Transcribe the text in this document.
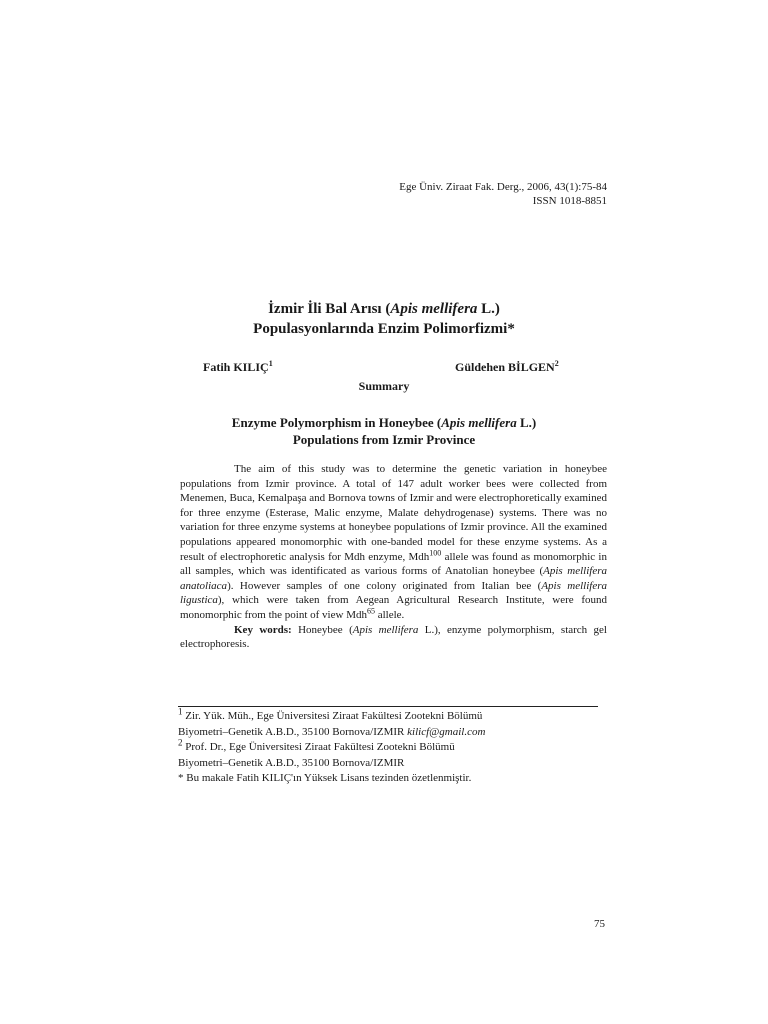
Ege Üniv. Ziraat Fak. Derg., 2006, 43(1):75-84
ISSN 1018-8851
İzmir İli Bal Arısı (Apis mellifera L.)
Populasyonlarında Enzim Polimorfizmi*
Fatih KILIÇ$^1$	Güldehen BİLGEN$^2$
Summary
Enzyme Polymorphism in Honeybee (Apis mellifera L.)
Populations from Izmir Province

The aim of this study was to determine the genetic variation in honeybee populations from Izmir province. A total of 147 adult worker bees were collected from Menemen, Buca, Kemalpaşa and Bornova towns of Izmir and were electrophoretically examined for three enzyme (Esterase, Malic enzyme, Malate dehydrogenase) systems. There was no variation for three enzyme systems at honeybee populations of Izmir province. All the examined populations appeared monomorphic with one-banded model for these enzyme systems. As a result of electrophoretic analysis for Mdh enzyme, Mdh$^{100}$ allele was found as monomorphic in all samples, which was identificated as various forms of Anatolian honeybee (Apis mellifera anatoliaca). However samples of one colony originated from Italian bee (Apis mellifera ligustica), which were taken from Aegean Agricultural Research Institute, were found monomorphic from the point of view Mdh$^{65}$ allele.

Key words: Honeybee (Apis mellifera L.), enzyme polymorphism, starch gel electrophoresis.

$^1$ Zir. Yük. Müh., Ege Üniversitesi Ziraat Fakültesi Zootekni Bölümü
Biyometri–Genetik A.B.D., 35100 Bornova/IZMIR kilicf@gmail.com
$^2$ Prof. Dr., Ege Üniversitesi Ziraat Fakültesi Zootekni Bölümü
Biyometri–Genetik A.B.D., 35100 Bornova/IZMIR
* Bu makale Fatih KILIÇ'ın Yüksek Lisans tezinden özetlenmiştir.
75
